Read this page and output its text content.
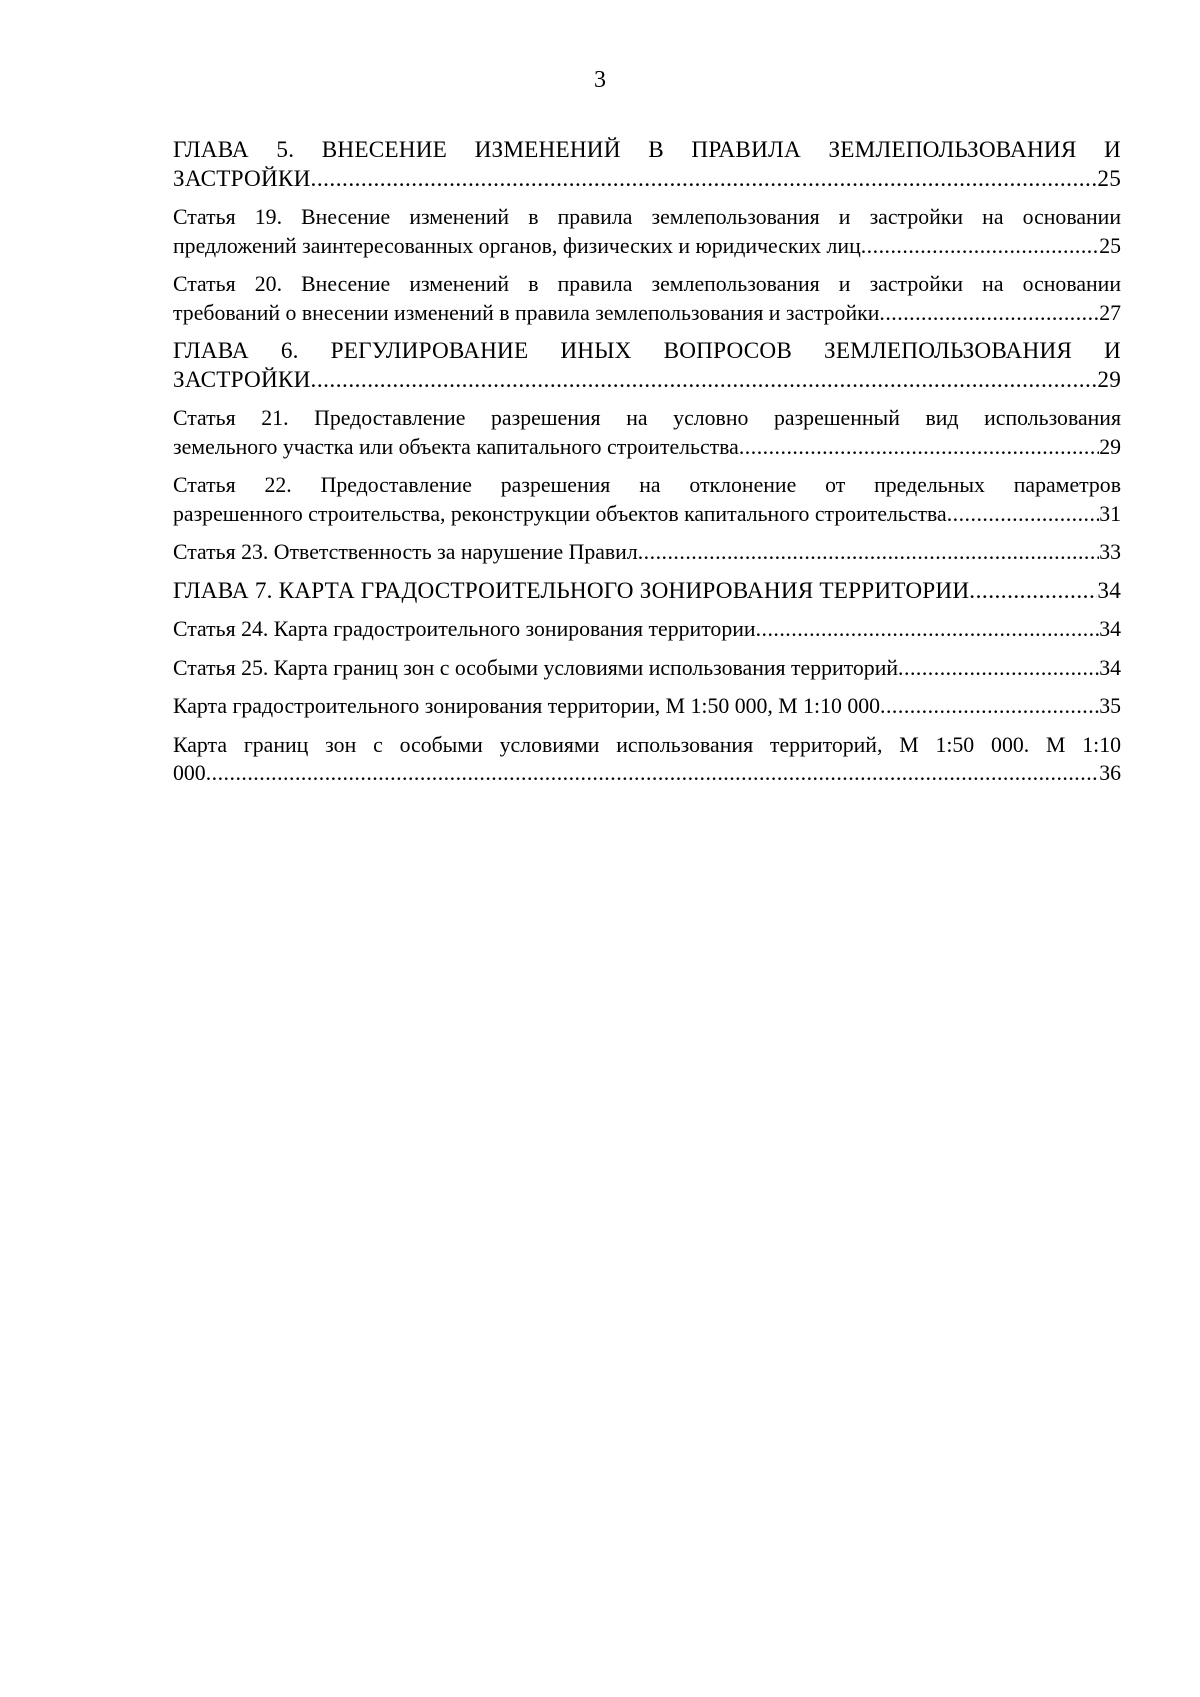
3
ГЛАВА 5. ВНЕСЕНИЕ ИЗМЕНЕНИЙ В ПРАВИЛА ЗЕМЛЕПОЛЬЗОВАНИЯ И
ЗАСТРОЙКИ .....	25
Статья 19. Внесение изменений в правила землепользования и застройки на основании
предложений заинтересованных органов, физических и юридических лиц .....	25
Статья 20. Внесение изменений в правила землепользования и застройки на основании
требований о внесении изменений в правила землепользования и застройки .....	27
ГЛАВА 6. РЕГУЛИРОВАНИЕ ИНЫХ ВОПРОСОВ ЗЕМЛЕПОЛЬЗОВАНИЯ И
ЗАСТРОЙКИ .....	29
Статья 21. Предоставление разрешения на условно разрешенный вид использования
земельного участка или объекта капитального строительства .....	29
Статья 22. Предоставление разрешения на отклонение от предельных параметров
разрешенного строительства, реконструкции объектов капитального строительства .....	31
Статья 23. Ответственность за нарушение Правил .....	33
ГЛАВА 7. КАРТА ГРАДОСТРОИТЕЛЬНОГО ЗОНИРОВАНИЯ ТЕРРИТОРИИ .....	34
Статья 24. Карта градостроительного зонирования территории .....	34
Статья 25. Карта границ зон с особыми условиями использования территорий .....	34
Карта градостроительного зонирования территории, М 1:50 000, М 1:10 000 .....	35
Карта границ зон с особыми условиями использования территорий, М 1:50 000. М 1:10
000 .....	36
